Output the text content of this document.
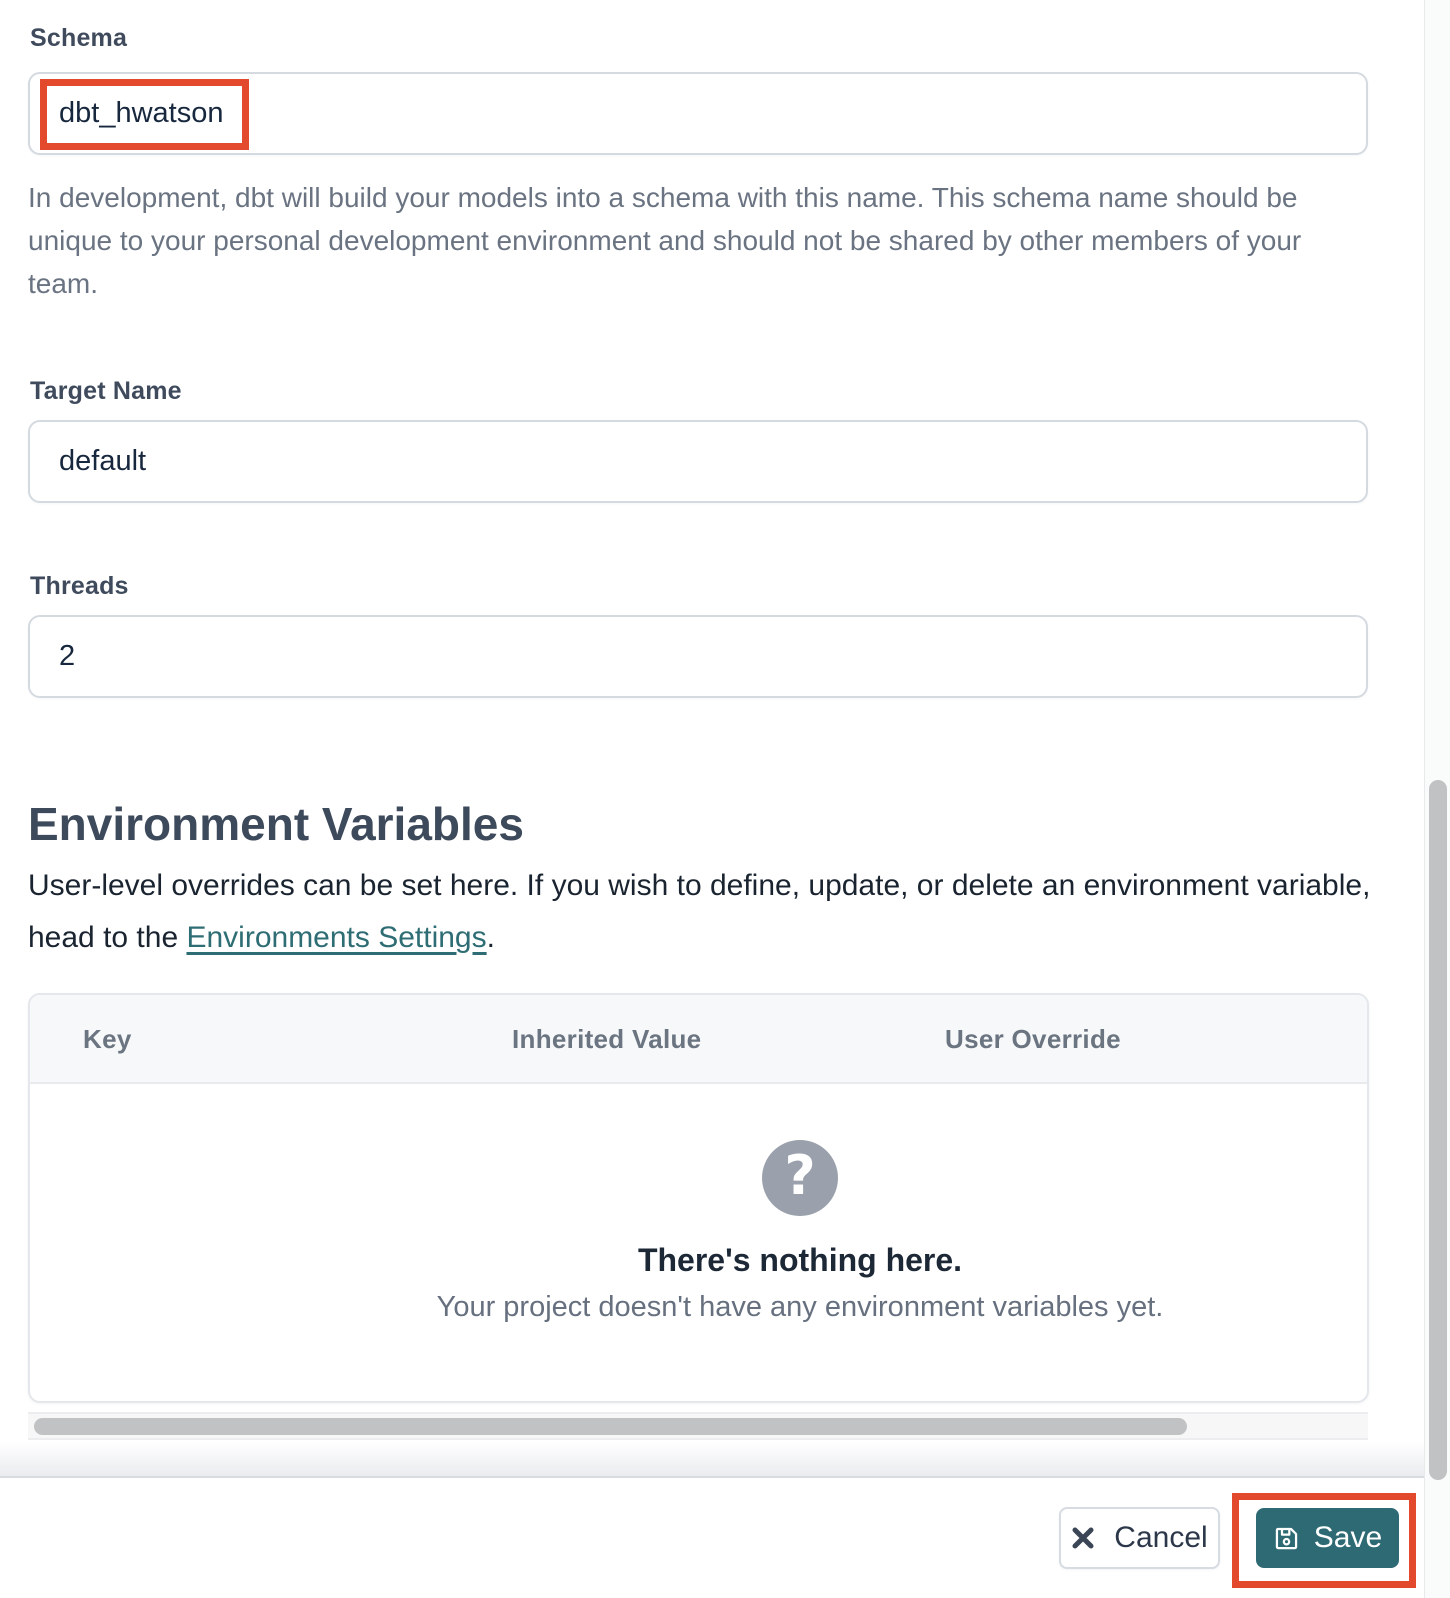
Schema
dbt_hwatson
In development, dbt will build your models into a schema with this name. This schema name should be unique to your personal development environment and should not be shared by other members of your team.
Target Name
default
Threads
2
Environment Variables
User-level overrides can be set here. If you wish to define, update, or delete an environment variable, head to the Environments Settings.
Key	Inherited Value	User Override
?
There's nothing here.
Your project doesn't have any environment variables yet.
Cancel	Save
